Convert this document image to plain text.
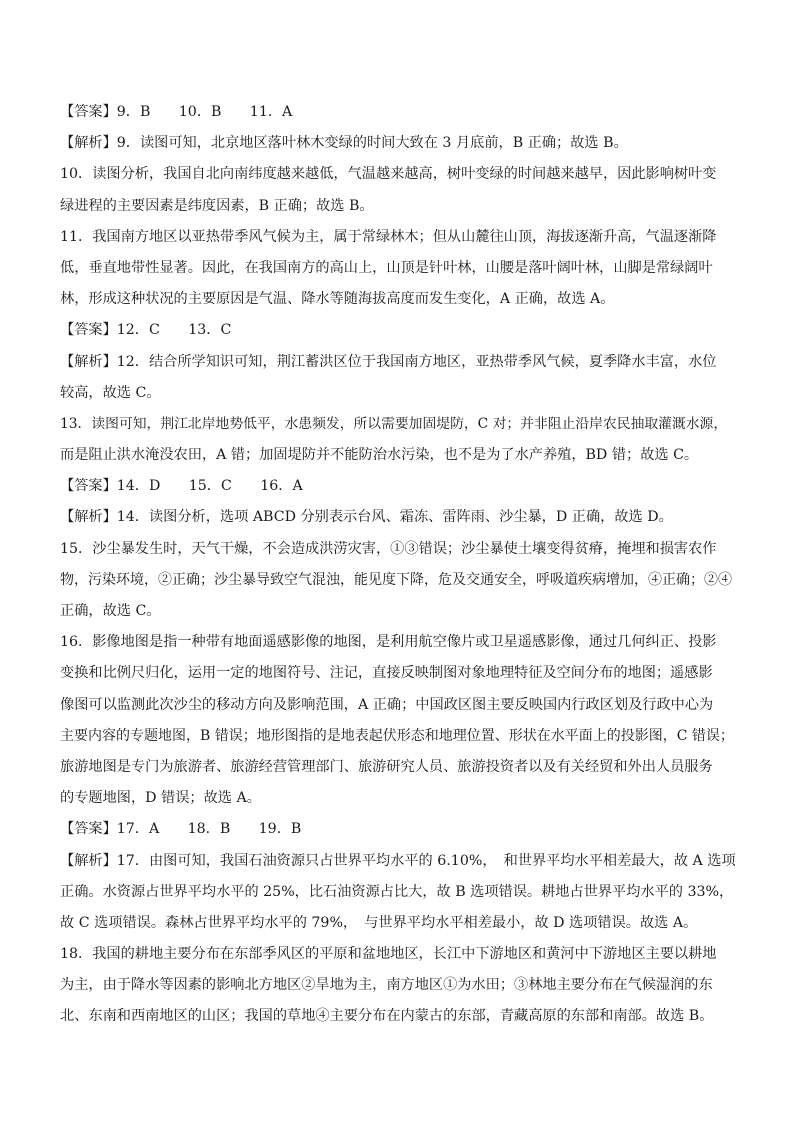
【答案】9．B　　10．B　　11．A
【解析】9．读图可知，北京地区落叶林木变绿的时间大致在 3 月底前，B 正确；故选 B。
10．读图分析，我国自北向南纬度越来越低，气温越来越高，树叶变绿的时间越来越早，因此影响树叶变
绿进程的主要因素是纬度因素，B 正确；故选 B。
11．我国南方地区以亚热带季风气候为主，属于常绿林木；但从山麓往山顶，海拔逐渐升高，气温逐渐降
低，垂直地带性显著。因此，在我国南方的高山上，山顶是针叶林，山腰是落叶阔叶林，山脚是常绿阔叶
林，形成这种状况的主要原因是气温、降水等随海拔高度而发生变化，A 正确，故选 A。
【答案】12．C　　13．C
【解析】12．结合所学知识可知，荆江蓄洪区位于我国南方地区，亚热带季风气候，夏季降水丰富，水位
较高，故选 C。
13．读图可知，荆江北岸地势低平，水患频发，所以需要加固堤防，C 对；并非阻止沿岸农民抽取灌溉水源，
而是阻止洪水淹没农田，A 错；加固堤防并不能防治水污染，也不是为了水产养殖，BD 错；故选 C。
【答案】14．D　　15．C　　16．A
【解析】14．读图分析，选项 ABCD 分别表示台风、霜冻、雷阵雨、沙尘暴，D 正确，故选 D。
15．沙尘暴发生时，天气干燥，不会造成洪涝灾害，①③错误；沙尘暴使土壤变得贫瘠，掩埋和损害农作
物，污染环境，②正确；沙尘暴导致空气混浊，能见度下降，危及交通安全，呼吸道疾病增加，④正确；②④
正确，故选 C。
16．影像地图是指一种带有地面遥感影像的地图，是利用航空像片或卫星遥感影像，通过几何纠正、投影
变换和比例尺归化，运用一定的地图符号、注记，直接反映制图对象地理特征及空间分布的地图；遥感影
像图可以监测此次沙尘的移动方向及影响范围，A 正确；中国政区图主要反映国内行政区划及行政中心为
主要内容的专题地图，B 错误；地形图指的是地表起伏形态和地理位置、形状在水平面上的投影图，C 错误；
旅游地图是专门为旅游者、旅游经营管理部门、旅游研究人员、旅游投资者以及有关经贸和外出人员服务
的专题地图，D 错误；故选 A。
【答案】17．A　　18．B　　19．B
【解析】17．由图可知，我国石油资源只占世界平均水平的 6.10%，　和世界平均水平相差最大，故 A 选项
正确。水资源占世界平均水平的 25%，比石油资源占比大，故 B 选项错误。耕地占世界平均水平的 33%，
故 C 选项错误。森林占世界平均水平的 79%，　与世界平均水平相差最小，故 D 选项错误。故选 A。
18．我国的耕地主要分布在东部季风区的平原和盆地地区，长江中下游地区和黄河中下游地区主要以耕地
为主，由于降水等因素的影响北方地区②旱地为主，南方地区①为水田；③林地主要分布在气候湿润的东
北、东南和西南地区的山区；我国的草地④主要分布在内蒙古的东部，青藏高原的东部和南部。故选 B。
